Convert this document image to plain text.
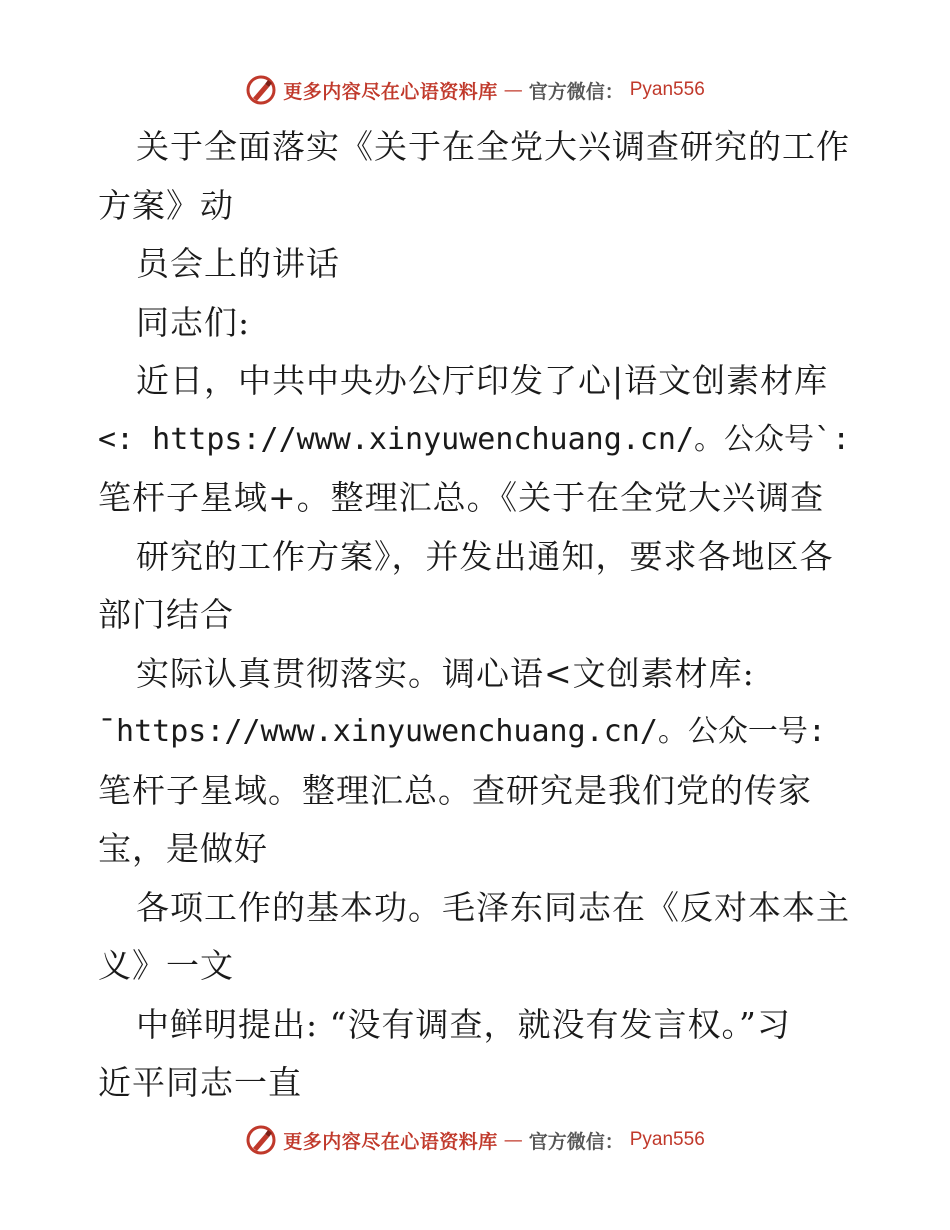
更多内容尽在心语资料库 — 官方微信： Pyan556
关于全面落实《关于在全党大兴调查研究的工作
方案》动
员会上的讲话
同志们:
近日，中共中央办公厅印发了心|语文创素材库
<: https://www.xinyuwenchuang.cn/。公众号`:
笔杆子星域+。整理汇总。《关于在全党大兴调查
研究的工作方案》，并发出通知，要求各地区各
部门结合
实际认真贯彻落实。调心语<文创素材库:
¯https://www.xinyuwenchuang.cn/。公众一号:
笔杆子星域。整理汇总。查研究是我们党的传家
宝，是做好
各项工作的基本功。毛泽东同志在《反对本本主
义》一文
中鲜明提出: “没有调查，就没有发言权。”习
近平同志一直
更多内容尽在心语资料库 — 官方微信： Pyan556
